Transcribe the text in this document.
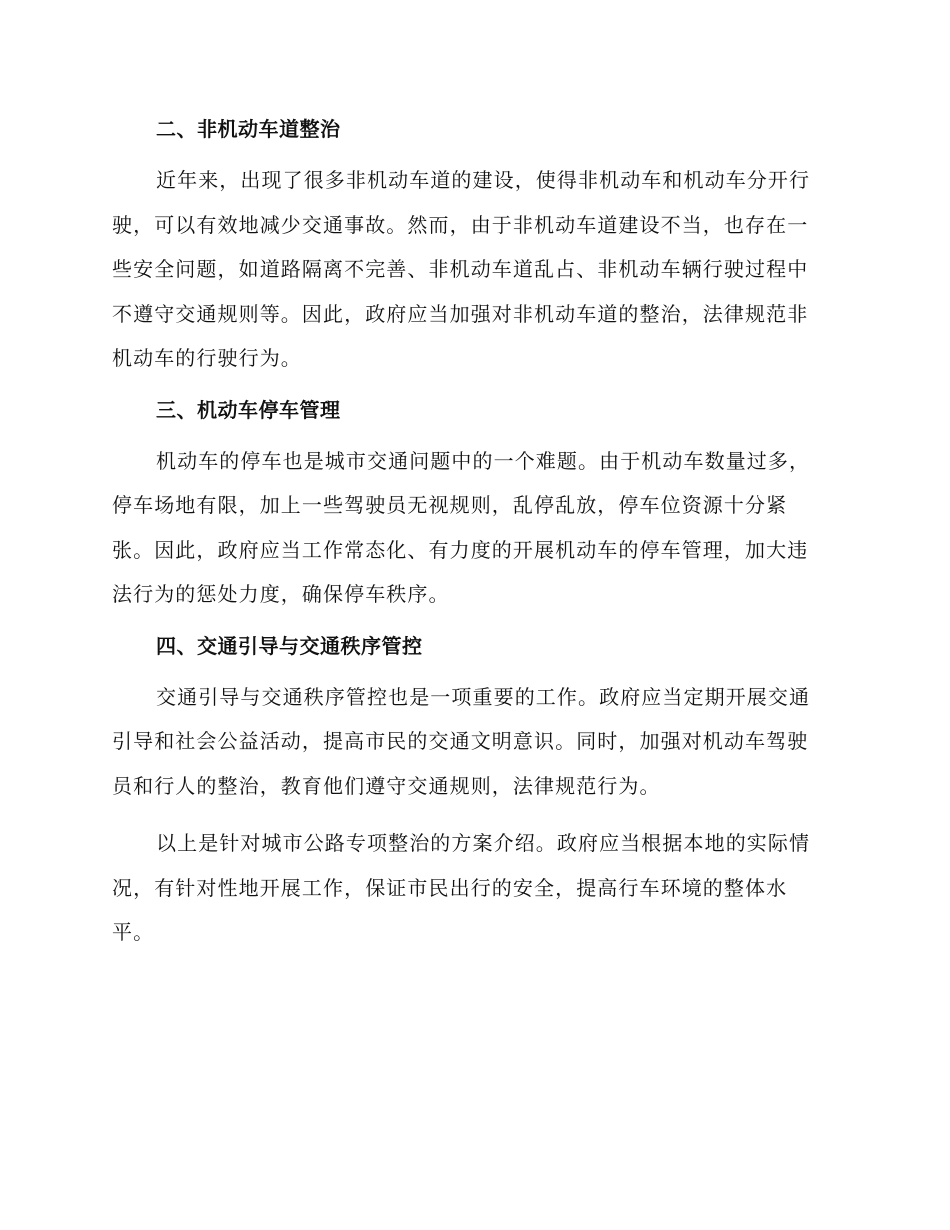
二、非机动车道整治
近年来，出现了很多非机动车道的建设，使得非机动车和机动车分开行
驶，可以有效地减少交通事故。然而，由于非机动车道建设不当，也存在一
些安全问题，如道路隔离不完善、非机动车道乱占、非机动车辆行驶过程中
不遵守交通规则等。因此，政府应当加强对非机动车道的整治，法律规范非
机动车的行驶行为。
三、机动车停车管理
机动车的停车也是城市交通问题中的一个难题。由于机动车数量过多，
停车场地有限，加上一些驾驶员无视规则，乱停乱放，停车位资源十分紧
张。因此，政府应当工作常态化、有力度的开展机动车的停车管理，加大违
法行为的惩处力度，确保停车秩序。
四、交通引导与交通秩序管控
交通引导与交通秩序管控也是一项重要的工作。政府应当定期开展交通
引导和社会公益活动，提高市民的交通文明意识。同时，加强对机动车驾驶
员和行人的整治，教育他们遵守交通规则，法律规范行为。
以上是针对城市公路专项整治的方案介绍。政府应当根据本地的实际情
况，有针对性地开展工作，保证市民出行的安全，提高行车环境的整体水
平。
